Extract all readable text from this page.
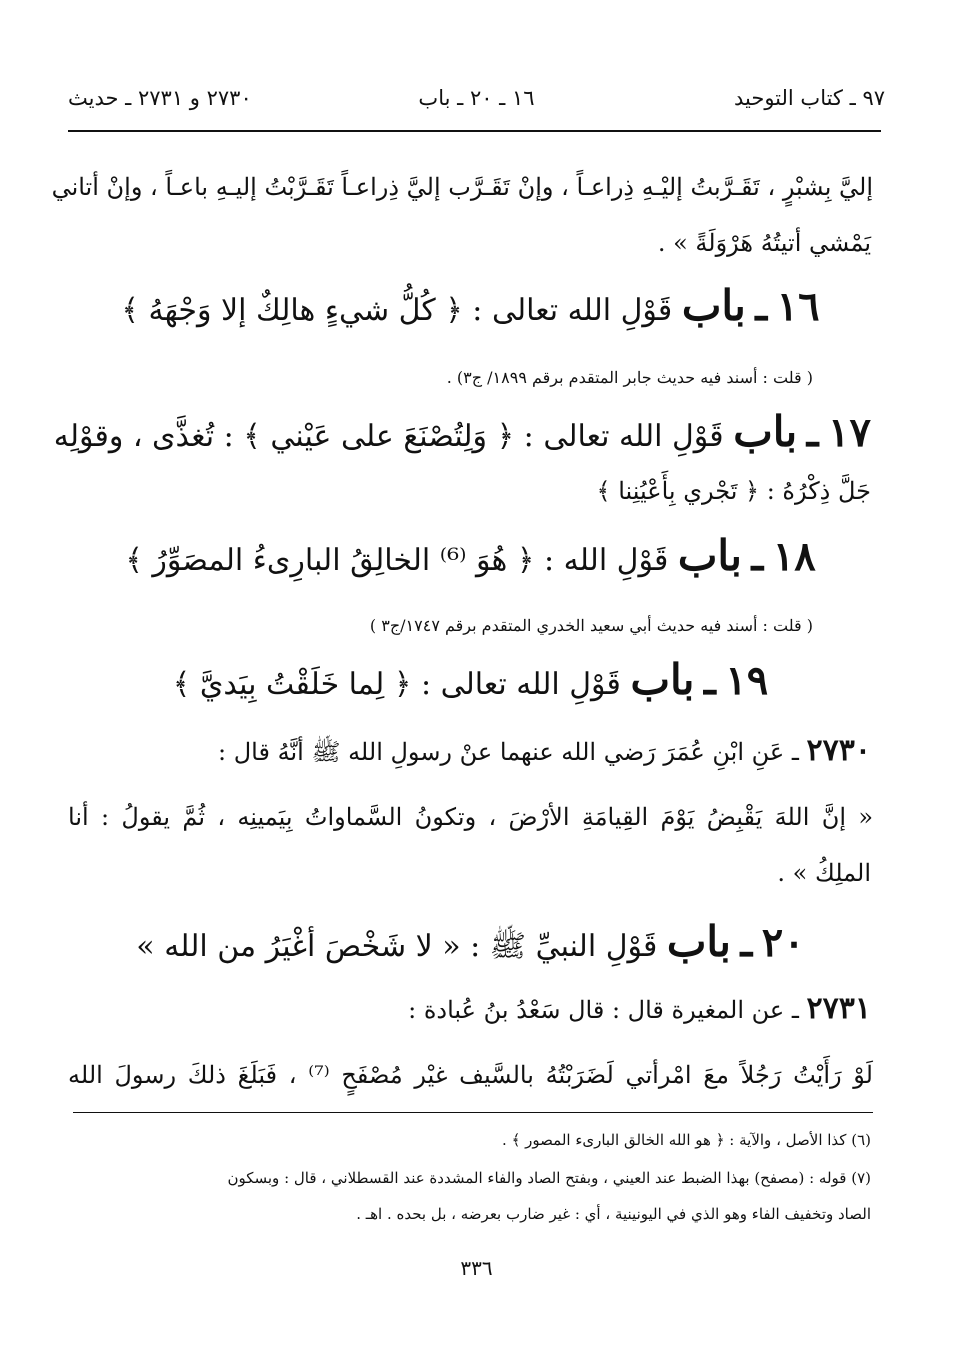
٩٧ ـ كتاب التوحيد
١٦ ـ ٢٠ ـ باب
٢٧٣٠ و ٢٧٣١ ـ حديث
إليَّ بِشبْرٍ ، تَقَـرَّبتُ إليْـهِ ذِراعـاً ، وإنْ تَقَـرَّب إليَّ ذِراعـاً تَقَـرَّبْتُ إليـهِ باعـاً ، وإنْ أتاني
يَمْشي أتيتُهُ هَرْوَلَةً » .
١٦ ـ باب قَوْلِ الله تعالى : ﴿ كُلُّ شيءٍ هالِكٌ إلا وَجْهَهُ ﴾
( قلت : أسند فيه حديث جابر المتقدم برقم ١٨٩٩/ ج٣) .
١٧ ـ باب قَوْلِ الله تعالى : ﴿ وَلِتُصْنَعَ على عَيْني ﴾ : تُغذَّى ، وقوْلِه
جَلَّ ذِكْرُهُ : ﴿ تَجْري بِأَعْيُنِنا ﴾
١٨ ـ باب قَوْلِ الله : ﴿ هُوَ ⁽⁶⁾ الخالِقُ البارِىءُ المصَوِّرُ ﴾
( قلت : أسند فيه حديث أبي سعيد الخدري المتقدم برقم ١٧٤٧/ج٣ )
١٩ ـ باب قَوْلِ الله تعالى : ﴿ لِما خَلَقْتُ بِيَديَّ ﴾
٢٧٣٠ ـ عَنِ ابْنِ عُمَرَ رَضي الله عنهما عنْ رسولِ الله ﷺ أنَّهُ قال :
« إنَّ اللهَ يَقْبِضُ يَوْمَ القِيامَةِ الأرْضَ ، وتكونُ السَّماواتُ بِيَمينِه ، ثُمَّ يقولُ : أنا
الملِكُ » .
٢٠ ـ باب قَوْلِ النبيِّ ﷺ : « لا شَخْصَ أغْيَرُ من الله »
٢٧٣١ ـ عن المغيرة قال : قال سَعْدُ بنُ عُبادة :
لَوْ رَأَيْتُ رَجُلاً معَ امْرأتي لَضَرَبْتُهُ بالسَّيف غيْر مُصْفَحٍ ⁽⁷⁾ ، فَبَلَغَ ذلكَ رسولَ الله
(٦) كذا الأصل ، والآية : ﴿ هو الله الخالق البارىء المصور ﴾ .
(٧) قوله : (مصفح) بهذا الضبط عند العيني ، وبفتح الصاد والفاء المشددة عند القسطلاني ، قال : وبسكون
الصاد وتخفيف الفاء وهو الذي في اليونينية ، أي : غير ضارب بعرضه ، بل بحده . اهـ .
٣٣٦
